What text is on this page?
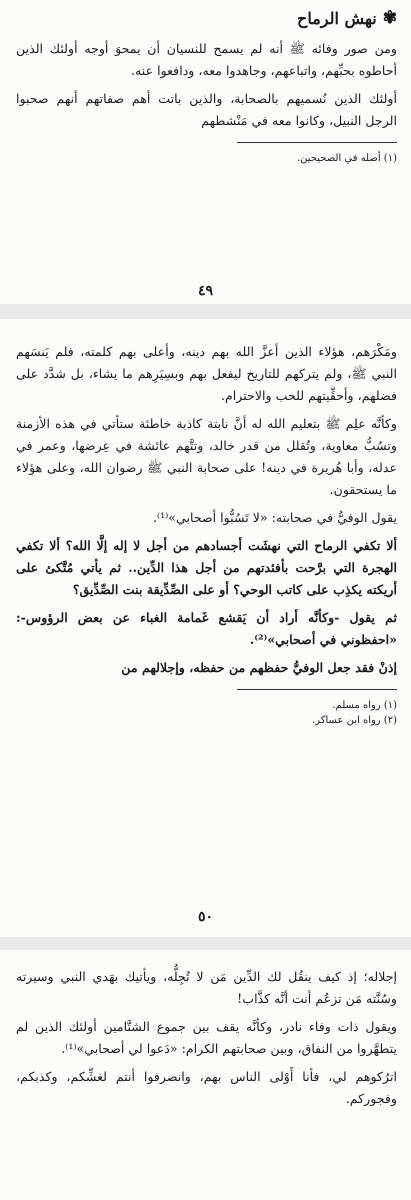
✾
نهش الرماح

ومن صور وفائه ﷺ أنه لم يسمح للنسيان أن يمحوَ أوجه أولئك الذين أحاطوه بحبِّهم، واتباعهم، وجاهدوا معه، ودافعوا عنه.

أولئك الذين نُسميهم بالصحابة، والذين باتت أهم صفاتهم أنهم صحبوا الرجل النبيل، وكانوا معه في مَنْشطهم

(١) أصله في الصحيحين.
٤٩

ومَكْرَهم، هؤلاء الذين أعزَّ الله بهم دينه، وأعلى بهم كلمته، فلم يَنسَهم النبي ﷺ، ولم يتركهم للتاريخ ليفعل بهم وبسِيَرِهم ما يشاء، بل شدَّد على فضلهم، وأحقِّيتهم للحب والاحترام.

وكأنَّه علِم ﷺ بتعليم الله له أنَّ نابتة كاذبة خاطئة ستأتي في هذه الأزمنة وتسُبُّ معاوية، وتُقلل من قدر خالد، وتتَّهم عائشة في عِرضها، وعمر في عدله، وأبا هُريرة في دينه! على صحابة النبي ﷺ رضوان الله، وعلى هؤلاء ما يستحقون.

يقول الوفيُّ في صحابته: «لا تَسُبُّوا أصحابي»⁽¹⁾.

ألا تكفي الرماح التي نهشَت أجسادهم من أجل لا إله إلَّا الله؟ ألا تكفي الهجرة التي برَّحت بأفئدتهم من أجل هذا الدِّين.. ثم يأتي مُتَّكئ على أريكته يكذِب على كاتب الوحي؟ أو على الصِّدِّيقة بنت الصِّدِّيق؟

ثم يقول -وكأنَّه أراد أن يَقشع غَمامة الغباء عن بعض الرؤوس-: «احفظوني في أصحابي»⁽²⁾.

إذنْ فقد جعل الوفيُّ حفظهم من حفظه، وإجلالهم من

(١) رواه مسلم.
(٢) رواه ابن عساكر.
٥٠

إجلاله؛ إذ كيف ينقُل لك الدِّين مَن لا تُجِلُّه، ويأتيك بهَدي النبي وسيرته وسُنَّته مَن تزعُم أنت أنَّه كذَّاب!

ويقول ذات وفاء نادر، وكأنَّه يقف بين جموع الشتَّامين أولئك الذين لم يتطهَّروا من النفاق، وبين صحابتهم الكرام: «دَعوا لي أصحابي»⁽¹⁾.

اترُكوهم لي، فأنا أَوْلى الناس بهم، وانصرفوا أنتم لغشِّكم، وكذبكم، وفجوركم.
